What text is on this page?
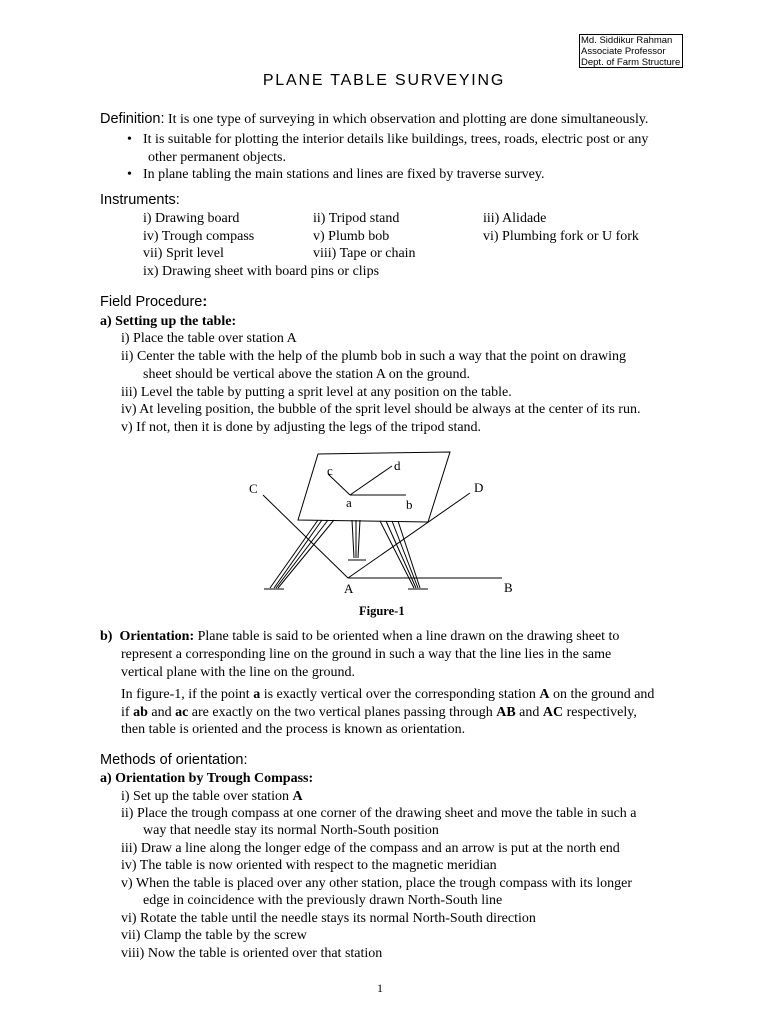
Md. Siddikur Rahman
Associate Professor
Dept. of Farm Structure
PLANE TABLE SURVEYING
Definition: It is one type of surveying in which observation and plotting are done simultaneously.
• It is suitable for plotting the interior details like buildings, trees, roads, electric post or any
other permanent objects.
• In plane tabling the main stations and lines are fixed by traverse survey.
Instruments:
i) Drawing board	ii) Tripod stand	iii) Alidade
iv) Trough compass	v) Plumb bob	vi) Plumbing fork or U fork
vii) Sprit level	viii) Tape or chain
ix) Drawing sheet with board pins or clips
Field Procedure:
a) Setting up the table:
i) Place the table over station A
ii) Center the table with the help of the plumb bob in such a way that the point on drawing
sheet should be vertical above the station A on the ground.
iii) Level the table by putting a sprit level at any position on the table.
iv) At leveling position, the bubble of the sprit level should be always at the center of its run.
v) If not, then it is done by adjusting the legs of the tripod stand.
C	D
c	d
a	b
A	B
Figure-1
b) Orientation: Plane table is said to be oriented when a line drawn on the drawing sheet to
represent a corresponding line on the ground in such a way that the line lies in the same
vertical plane with the line on the ground.
In figure-1, if the point a is exactly vertical over the corresponding station A on the ground and
if ab and ac are exactly on the two vertical planes passing through AB and AC respectively,
then table is oriented and the process is known as orientation.
Methods of orientation:
a) Orientation by Trough Compass:
i) Set up the table over station A
ii) Place the trough compass at one corner of the drawing sheet and move the table in such a
way that needle stay its normal North-South position
iii) Draw a line along the longer edge of the compass and an arrow is put at the north end
iv) The table is now oriented with respect to the magnetic meridian
v) When the table is placed over any other station, place the trough compass with its longer
edge in coincidence with the previously drawn North-South line
vi) Rotate the table until the needle stays its normal North-South direction
vii) Clamp the table by the screw
viii) Now the table is oriented over that station
1
